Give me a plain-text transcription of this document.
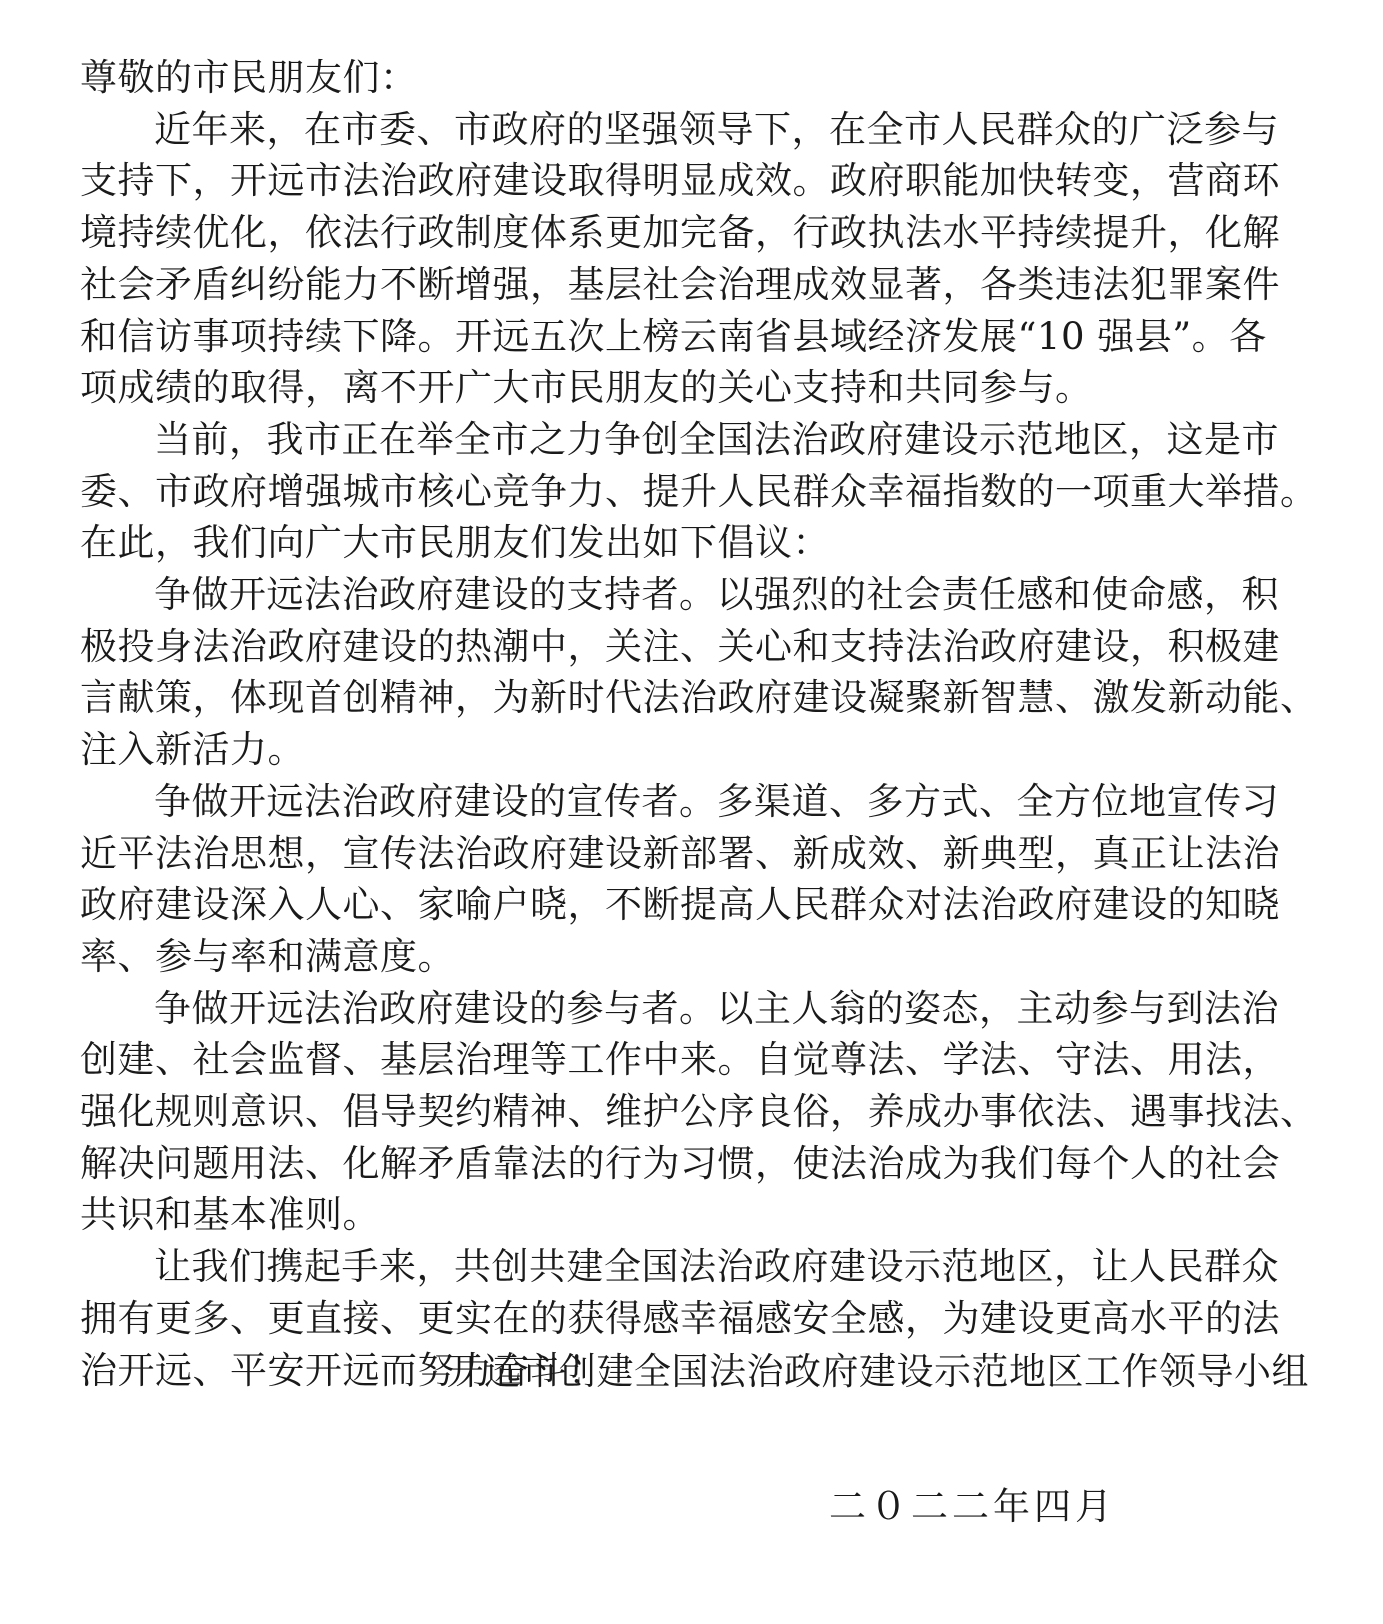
尊敬的市民朋友们：

近年来，在市委、市政府的坚强领导下，在全市人民群众的广泛参与

支持下，开远市法治政府建设取得明显成效。政府职能加快转变，营商环

境持续优化，依法行政制度体系更加完备，行政执法水平持续提升，化解

社会矛盾纠纷能力不断增强，基层社会治理成效显著，各类违法犯罪案件

和信访事项持续下降。开远五次上榜云南省县域经济发展“10 强县”。各

项成绩的取得，离不开广大市民朋友的关心支持和共同参与。

当前，我市正在举全市之力争创全国法治政府建设示范地区，这是市

委、市政府增强城市核心竞争力、提升人民群众幸福指数的一项重大举措。

在此，我们向广大市民朋友们发出如下倡议：

争做开远法治政府建设的支持者。以强烈的社会责任感和使命感，积

极投身法治政府建设的热潮中，关注、关心和支持法治政府建设，积极建

言献策，体现首创精神，为新时代法治政府建设凝聚新智慧、激发新动能、

注入新活力。

争做开远法治政府建设的宣传者。多渠道、多方式、全方位地宣传习

近平法治思想，宣传法治政府建设新部署、新成效、新典型，真正让法治

政府建设深入人心、家喻户晓，不断提高人民群众对法治政府建设的知晓

率、参与率和满意度。

争做开远法治政府建设的参与者。以主人翁的姿态，主动参与到法治

创建、社会监督、基层治理等工作中来。自觉尊法、学法、守法、用法，

强化规则意识、倡导契约精神、维护公序良俗，养成办事依法、遇事找法、

解决问题用法、化解矛盾靠法的行为习惯，使法治成为我们每个人的社会

共识和基本准则。

让我们携起手来，共创共建全国法治政府建设示范地区，让人民群众

拥有更多、更直接、更实在的获得感幸福感安全感，为建设更高水平的法

治开远、平安开远而努力奋斗！

开远市创建全国法治政府建设示范地区工作领导小组

二０二二年四月
